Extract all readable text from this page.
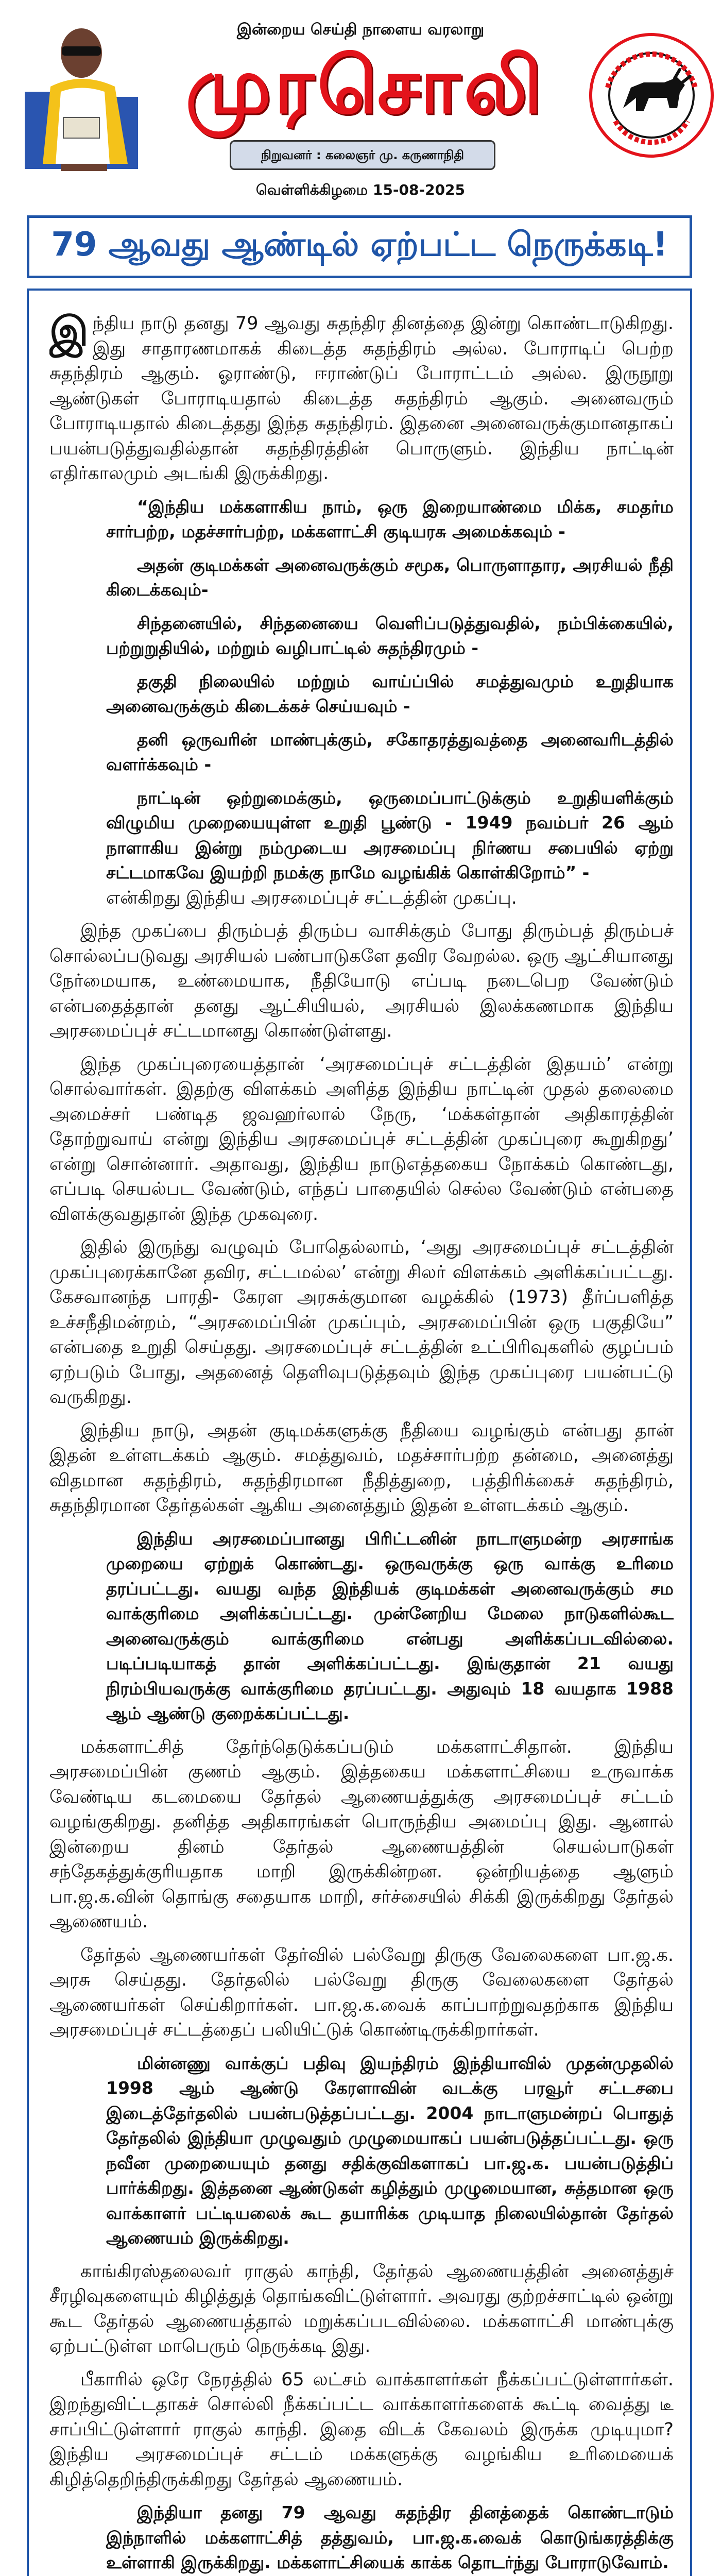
இன்றைய செய்தி நாளைய வரலாறு
முரசொலி
நிறுவனர் : கலைஞர் மு. கருணாநிதி
வெள்ளிக்கிழமை 15-08-2025
79 ஆவது ஆண்டில் ஏற்பட்ட நெருக்கடி!

இந்திய நாடு தனது 79 ஆவது சுதந்திர தினத்தை இன்று கொண்டாடுகிறது. இது சாதாரணமாகக் கிடைத்த சுதந்திரம் அல்ல. போராடிப் பெற்ற சுதந்திரம் ஆகும். ஓராண்டு, ஈராண்டுப் போராட்டம் அல்ல. இருநூறு ஆண்டுகள் போராடியதால் கிடைத்த சுதந்திரம் ஆகும். அனைவரும் போராடியதால் கிடைத்தது இந்த சுதந்திரம். இதனை அனைவருக்குமானதாகப் பயன்படுத்துவதில்தான் சுதந்திரத்தின் பொருளும். இந்திய நாட்டின் எதிர்காலமும் அடங்கி இருக்கிறது.

“இந்திய மக்களாகிய நாம், ஒரு இறையாண்மை மிக்க, சமதர்ம சார்பற்ற, மதச்சார்பற்ற, மக்களாட்சி குடியரசு அமைக்கவும் -

அதன் குடிமக்கள் அனைவருக்கும் சமூக, பொருளாதார, அரசியல் நீதி கிடைக்கவும்-

சிந்தனையில், சிந்தனையை வெளிப்படுத்துவதில், நம்பிக்கையில், பற்றுறுதியில், மற்றும் வழிபாட்டில் சுதந்திரமும் -

தகுதி நிலையில் மற்றும் வாய்ப்பில் சமத்துவமும் உறுதியாக அனைவருக்கும் கிடைக்கச் செய்யவும் -

தனி ஒருவரின் மாண்புக்கும், சகோதரத்துவத்தை அனைவரிடத்தில் வளர்க்கவும் -

நாட்டின் ஒற்றுமைக்கும், ஒருமைப்பாட்டுக்கும் உறுதியளிக்கும் விழுமிய முறையையுள்ள உறுதி பூண்டு - 1949 நவம்பர் 26 ஆம் நாளாகிய இன்று நம்முடைய அரசமைப்பு நிர்ணய சபையில் ஏற்று சட்டமாகவே இயற்றி நமக்கு நாமே வழங்கிக் கொள்கிறோம்” -

என்கிறது இந்திய அரசமைப்புச் சட்டத்தின் முகப்பு.

இந்த முகப்பை திரும்பத் திரும்ப வாசிக்கும் போது திரும்பத் திரும்பச் சொல்லப்படுவது அரசியல் பண்பாடுகளே தவிர வேறல்ல. ஒரு ஆட்சியானது நேர்மையாக, உண்மையாக, நீதியோடு எப்படி நடைபெற வேண்டும் என்பதைத்தான் தனது ஆட்சியியல், அரசியல் இலக்கணமாக இந்திய அரசமைப்புச் சட்டமானது கொண்டுள்ளது.

இந்த முகப்புரையைத்தான் ‘அரசமைப்புச் சட்டத்தின் இதயம்’ என்று சொல்வார்கள். இதற்கு விளக்கம் அளித்த இந்திய நாட்டின் முதல் தலைமை அமைச்சர் பண்டித ஜவஹர்லால் நேரு, ‘மக்கள்தான் அதிகாரத்தின் தோற்றுவாய் என்று இந்திய அரசமைப்புச் சட்டத்தின் முகப்புரை கூறுகிறது’ என்று சொன்னார். அதாவது, இந்திய நாடுஎத்தகைய நோக்கம் கொண்டது, எப்படி செயல்பட வேண்டும், எந்தப் பாதையில் செல்ல வேண்டும் என்பதை விளக்குவதுதான் இந்த முகவுரை.

இதில் இருந்து வழுவும் போதெல்லாம், ‘அது அரசமைப்புச் சட்டத்தின் முகப்புரைக்கானே தவிர, சட்டமல்ல’ என்று சிலர் விளக்கம் அளிக்கப்பட்டது. கேசவானந்த பாரதி- கேரள அரசுக்குமான வழக்கில் (1973) தீர்ப்பளித்த உச்சநீதிமன்றம், “அரசமைப்பின் முகப்பும், அரசமைப்பின் ஒரு பகுதியே” என்பதை உறுதி செய்தது. அரசமைப்புச் சட்டத்தின் உட்பிரிவுகளில் குழப்பம் ஏற்படும் போது, அதனைத் தெளிவுபடுத்தவும் இந்த முகப்புரை பயன்பட்டு வருகிறது.

இந்திய நாடு, அதன் குடிமக்களுக்கு நீதியை வழங்கும் என்பது தான் இதன் உள்ளடக்கம் ஆகும். சமத்துவம், மதச்சார்பற்ற தன்மை, அனைத்து விதமான சுதந்திரம், சுதந்திரமான நீதித்துறை, பத்திரிக்கைச் சுதந்திரம், சுதந்திரமான தேர்தல்கள் ஆகிய அனைத்தும் இதன் உள்ளடக்கம் ஆகும்.

இந்திய அரசமைப்பானது பிரிட்டனின் நாடாளுமன்ற அரசாங்க முறையை ஏற்றுக் கொண்டது. ஒருவருக்கு ஒரு வாக்கு உரிமை தரப்பட்டது. வயது வந்த இந்தியக் குடிமக்கள் அனைவருக்கும் சம வாக்குரிமை அளிக்கப்பட்டது. முன்னேறிய மேலை நாடுகளில்கூட அனைவருக்கும் வாக்குரிமை என்பது அளிக்கப்படவில்லை. படிப்படியாகத் தான் அளிக்கப்பட்டது. இங்குதான் 21 வயது நிரம்பியவருக்கு வாக்குரிமை தரப்பட்டது. அதுவும் 18 வயதாக 1988 ஆம் ஆண்டு குறைக்கப்பட்டது.

மக்களாட்சித் தேர்ந்தெடுக்கப்படும் மக்களாட்சிதான். இந்திய அரசமைப்பின் குணம் ஆகும். இத்தகைய மக்களாட்சியை உருவாக்க வேண்டிய கடமையை தேர்தல் ஆணையத்துக்கு அரசமைப்புச் சட்டம் வழங்குகிறது. தனித்த அதிகாரங்கள் பொருந்திய அமைப்பு இது. ஆனால் இன்றைய தினம் தேர்தல் ஆணையத்தின் செயல்பாடுகள் சந்தேகத்துக்குரியதாக மாறி இருக்கின்றன. ஒன்றியத்தை ஆளும் பா.ஜ.க.வின் தொங்கு சதையாக மாறி, சர்ச்சையில் சிக்கி இருக்கிறது தேர்தல் ஆணையம்.

தேர்தல் ஆணையர்கள் தேர்வில் பல்வேறு திருகு வேலைகளை பா.ஜ.க. அரசு செய்தது. தேர்தலில் பல்வேறு திருகு வேலைகளை தேர்தல் ஆணையர்கள் செய்கிறார்கள். பா.ஜ.க.வைக் காப்பாற்றுவதற்காக இந்திய அரசமைப்புச் சட்டத்தைப் பலியிட்டுக் கொண்டிருக்கிறார்கள்.

மின்னணு வாக்குப் பதிவு இயந்திரம் இந்தியாவில் முதன்முதலில் 1998 ஆம் ஆண்டு கேரளாவின் வடக்கு பரவூர் சட்டசபை இடைத்தேர்தலில் பயன்படுத்தப்பட்டது. 2004 நாடாளுமன்றப் பொதுத் தேர்தலில் இந்தியா முழுவதும் முழுமையாகப் பயன்படுத்தப்பட்டது. ஒரு நவீன முறையையும் தனது சதிக்குவிகளாகப் பா.ஜ.க. பயன்படுத்திப் பார்க்கிறது. இத்தனை ஆண்டுகள் கழித்தும் முழுமையான, சுத்தமான ஒரு வாக்காளர் பட்டியலைக் கூட தயாரிக்க முடியாத நிலையில்தான் தேர்தல் ஆணையம் இருக்கிறது.

காங்கிரஸ்தலைவர் ராகுல் காந்தி, தேர்தல் ஆணையத்தின் அனைத்துச் சீரழிவுகளையும் கிழித்துத் தொங்கவிட்டுள்ளார். அவரது குற்றச்சாட்டில் ஒன்று கூட தேர்தல் ஆணையத்தால் மறுக்கப்படவில்லை. மக்களாட்சி மாண்புக்கு ஏற்பட்டுள்ள மாபெரும் நெருக்கடி இது.

பீகாரில் ஒரே நேரத்தில் 65 லட்சம் வாக்காளர்கள் நீக்கப்பட்டுள்ளார்கள். இறந்துவிட்டதாகச் சொல்லி நீக்கப்பட்ட வாக்காளர்களைக் கூட்டி வைத்து டீ சாப்பிட்டுள்ளார் ராகுல் காந்தி. இதை விடக் கேவலம் இருக்க முடியுமா? இந்திய அரசமைப்புச் சட்டம் மக்களுக்கு வழங்கிய உரிமையைக் கிழித்தெறிந்திருக்கிறது தேர்தல் ஆணையம்.

இந்தியா தனது 79 ஆவது சுதந்திர தினத்தைக் கொண்டாடும் இந்நாளில் மக்களாட்சித் தத்துவம், பா.ஜ.க.வைக் கொடுங்கரத்திக்கு உள்ளாகி இருக்கிறது. மக்களாட்சியைக் காக்க தொடர்ந்து போராடுவோம்.
